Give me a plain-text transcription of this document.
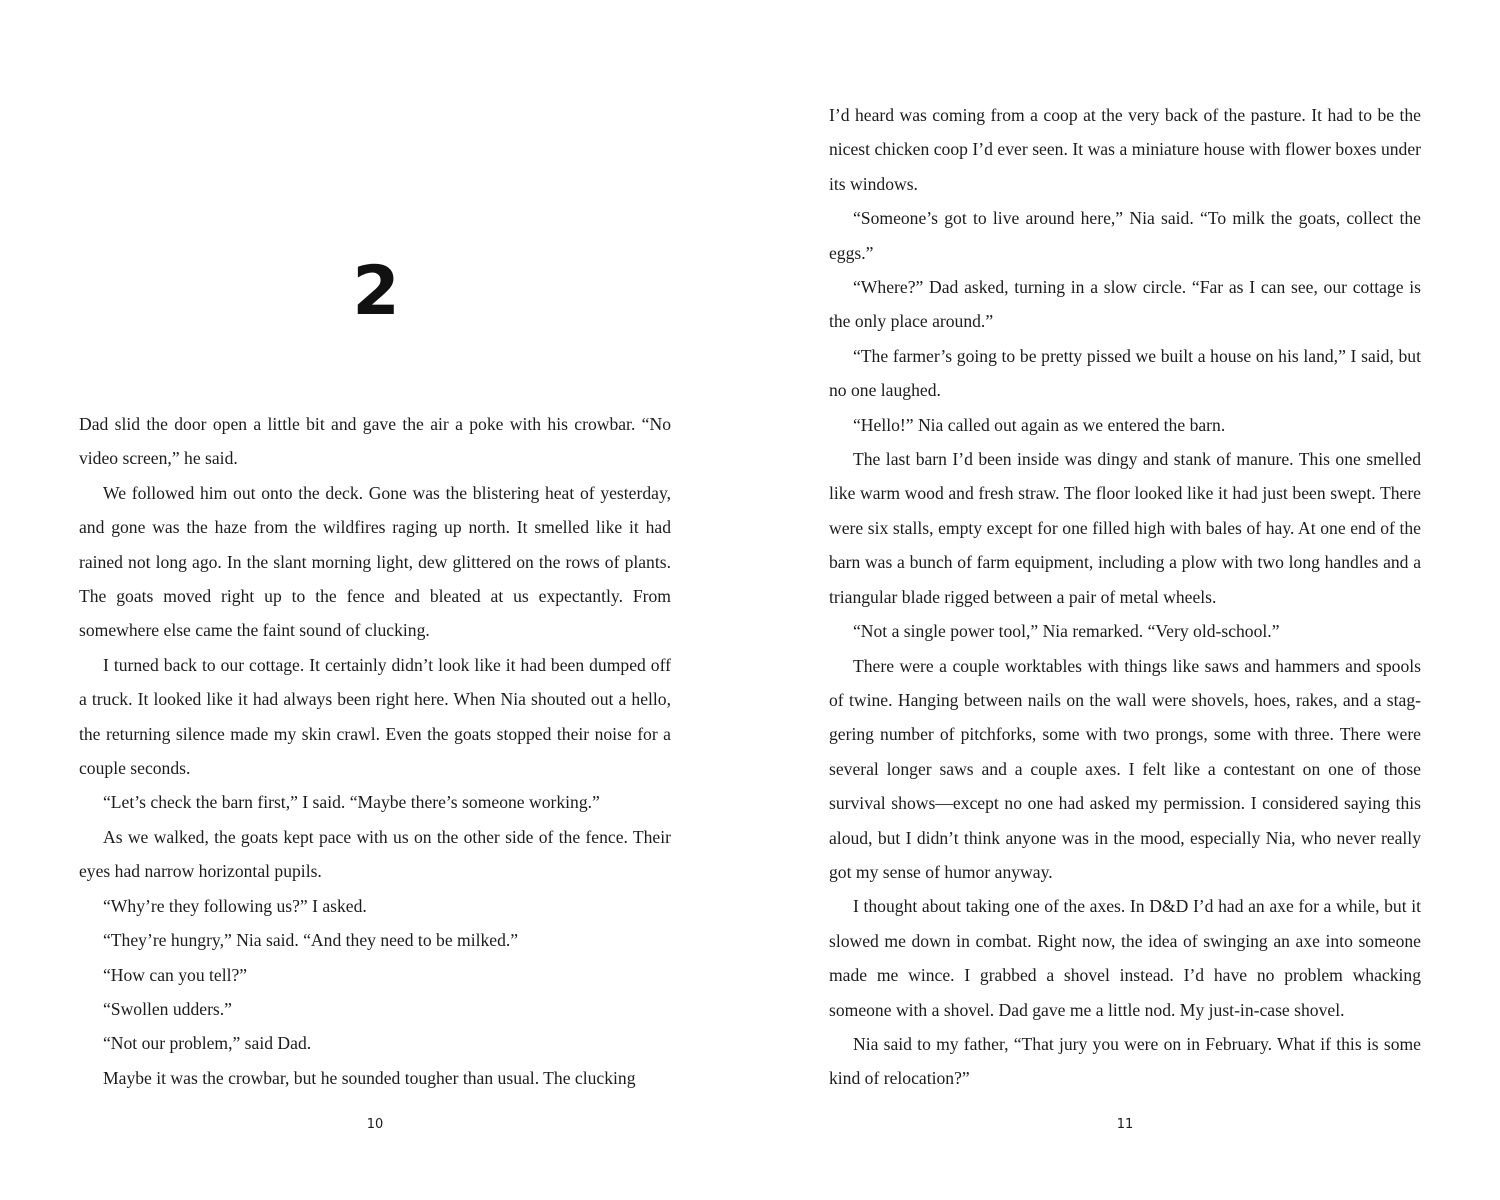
2

Dad slid the door open a little bit and gave the air a poke with his crowbar. “No video screen,” he said.

We followed him out onto the deck. Gone was the blistering heat of yesterday, and gone was the haze from the wildfires raging up north. It smelled like it had rained not long ago. In the slant morning light, dew glittered on the rows of plants. The goats moved right up to the fence and bleated at us expectantly. From somewhere else came the faint sound of clucking.

I turned back to our cottage. It certainly didn’t look like it had been dumped off a truck. It looked like it had always been right here. When Nia shouted out a hello, the returning silence made my skin crawl. Even the goats stopped their noise for a couple seconds.

“Let’s check the barn first,” I said. “Maybe there’s someone working.”

As we walked, the goats kept pace with us on the other side of the fence. Their eyes had narrow horizontal pupils.

“Why’re they following us?” I asked.

“They’re hungry,” Nia said. “And they need to be milked.”

“How can you tell?”

“Swollen udders.”

“Not our problem,” said Dad.

Maybe it was the crowbar, but he sounded tougher than usual. The clucking

10

I’d heard was coming from a coop at the very back of the pasture. It had to be the nicest chicken coop I’d ever seen. It was a miniature house with flower boxes under its windows.

“Someone’s got to live around here,” Nia said. “To milk the goats, collect the eggs.”

“Where?” Dad asked, turning in a slow circle. “Far as I can see, our cottage is the only place around.”

“The farmer’s going to be pretty pissed we built a house on his land,” I said, but no one laughed.

“Hello!” Nia called out again as we entered the barn.

The last barn I’d been inside was dingy and stank of manure. This one smelled like warm wood and fresh straw. The floor looked like it had just been swept. There were six stalls, empty except for one filled high with bales of hay. At one end of the barn was a bunch of farm equipment, including a plow with two long handles and a triangular blade rigged between a pair of metal wheels.

“Not a single power tool,” Nia remarked. “Very old-school.”

There were a couple worktables with things like saws and hammers and spools of twine. Hanging between nails on the wall were shovels, hoes, rakes, and a staggering number of pitchforks, some with two prongs, some with three. There were several longer saws and a couple axes. I felt like a contestant on one of those survival shows—except no one had asked my permission. I considered saying this aloud, but I didn’t think anyone was in the mood, especially Nia, who never really got my sense of humor anyway.

I thought about taking one of the axes. In D&D I’d had an axe for a while, but it slowed me down in combat. Right now, the idea of swinging an axe into someone made me wince. I grabbed a shovel instead. I’d have no problem whacking someone with a shovel. Dad gave me a little nod. My just-in-case shovel.

Nia said to my father, “That jury you were on in February. What if this is some kind of relocation?”

11
